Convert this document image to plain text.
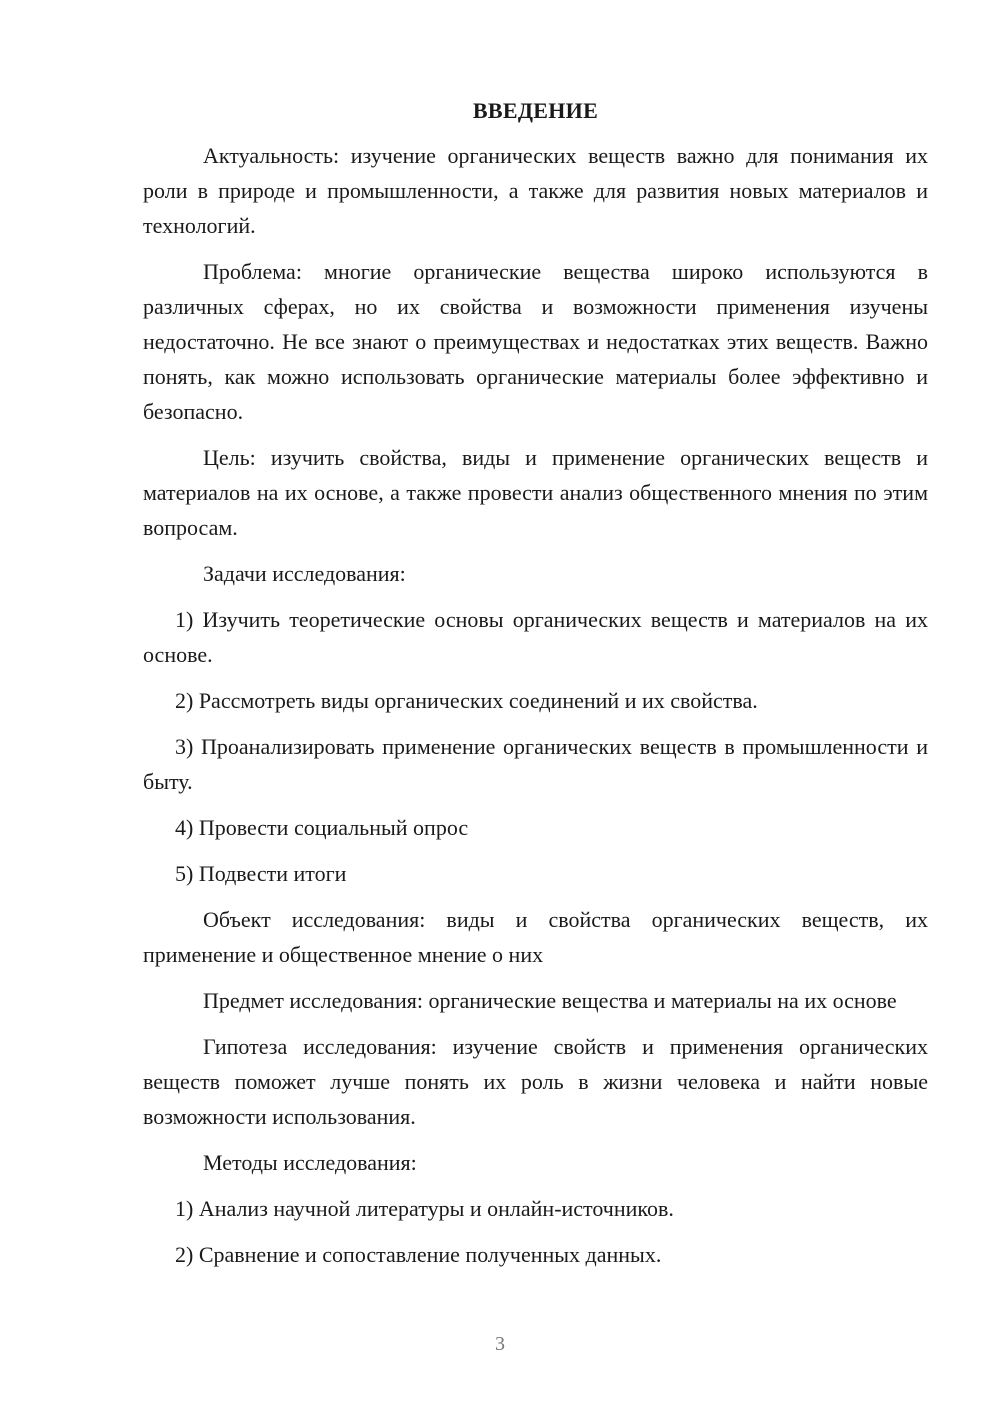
ВВЕДЕНИЕ

Актуальность: изучение органических веществ важно для понимания их роли в природе и промышленности, а также для развития новых материалов и технологий.

Проблема: многие органические вещества широко используются в различных сферах, но их свойства и возможности применения изучены недостаточно. Не все знают о преимуществах и недостатках этих веществ. Важно понять, как можно использовать органические материалы более эффективно и безопасно.

Цель: изучить свойства, виды и применение органических веществ и материалов на их основе, а также провести анализ общественного мнения по этим вопросам.

Задачи исследования:

1) Изучить теоретические основы органических веществ и материалов на их основе.

2) Рассмотреть виды органических соединений и их свойства.

3) Проанализировать применение органических веществ в промышленности и быту.

4) Провести социальный опрос

5) Подвести итоги

Объект исследования: виды и свойства органических веществ, их применение и общественное мнение о них

Предмет исследования: органические вещества и материалы на их основе

Гипотеза исследования: изучение свойств и применения органических веществ поможет лучше понять их роль в жизни человека и найти новые возможности использования.

Методы исследования:

1) Анализ научной литературы и онлайн-источников.

2) Сравнение и сопоставление полученных данных.

3
